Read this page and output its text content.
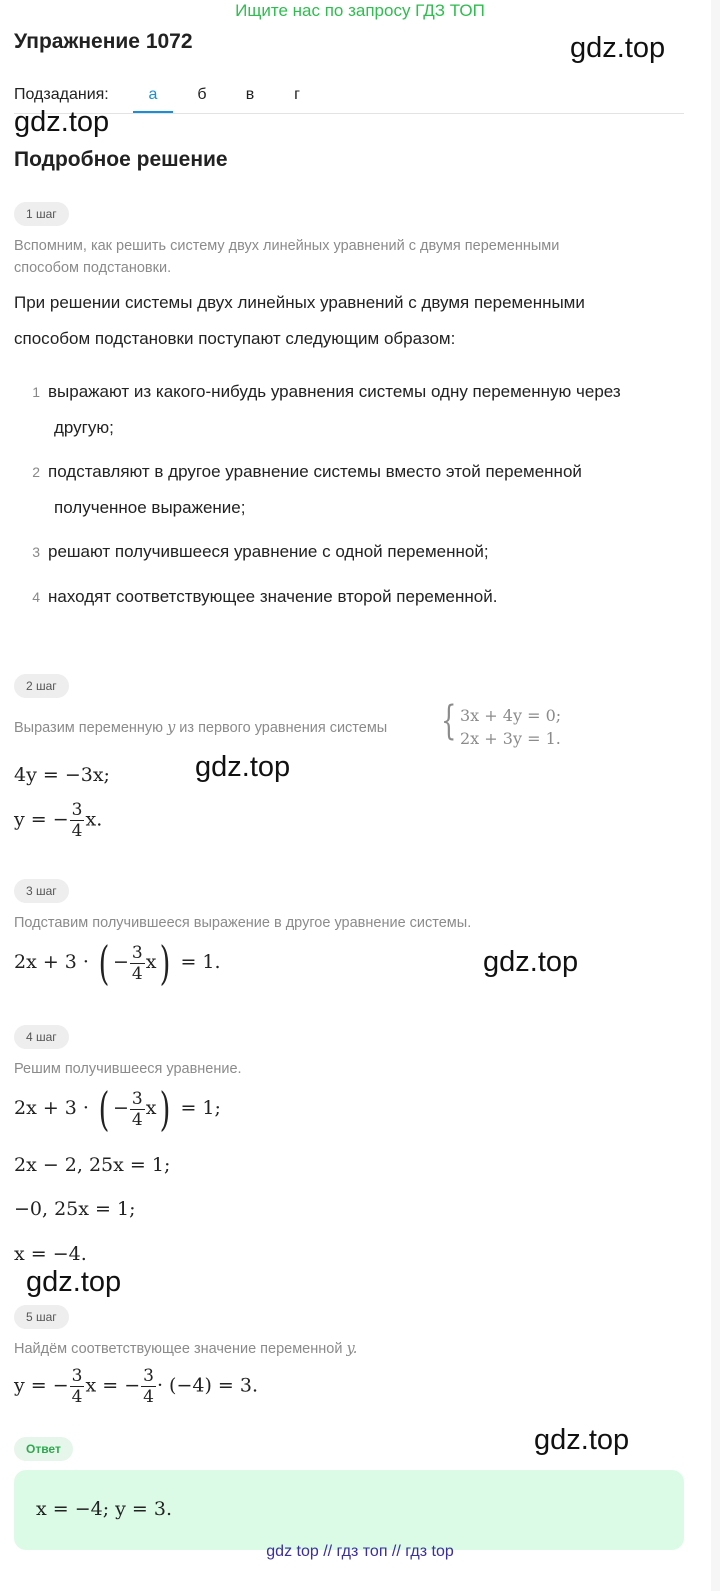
Ищите нас по запросу ГДЗ ТОП
Упражнение 1072	gdz.top
Подзадания:	а	б	в	г
gdz.top
Подробное решение
1 шаг
Вспомним, как решить систему двух линейных уравнений с двумя переменными
способом подстановки.
При решении системы двух линейных уравнений с двумя переменными
способом подстановки поступают следующим образом:
1 выражают из какого-нибудь уравнения системы одну переменную через
другую;
2 подставляют в другое уравнение системы вместо этой переменной
полученное выражение;
3 решают получившееся уравнение с одной переменной;
4 находят соответствующее значение второй переменной.
2 шаг
Выразим переменную y из первого уравнения системы	{ 3x + 4y = 0;
2x + 3y = 1.
4y = −3x;	gdz.top
y = − $\frac{3}{4} x$.
3 шаг
Подставим получившееся выражение в другое уравнение системы.
2x + 3 · ( − $\frac{3}{4} x) = 1$.	gdz.top
4 шаг
Решим получившееся уравнение.
2x + 3 · ( − $\frac{3}{4} x) = 1$;
2x − 2, 25x = 1;
−0, 25x = 1;
x = −4.
gdz.top
5 шаг
Найдём соответствующее значение переменной y.
y = − $\frac{3}{4}$ x = − $\frac{3}{4} \cdot (-4) = 3$.
Ответ	gdz.top
x = −4; y = 3.
gdz top // гдз топ // гдз top
